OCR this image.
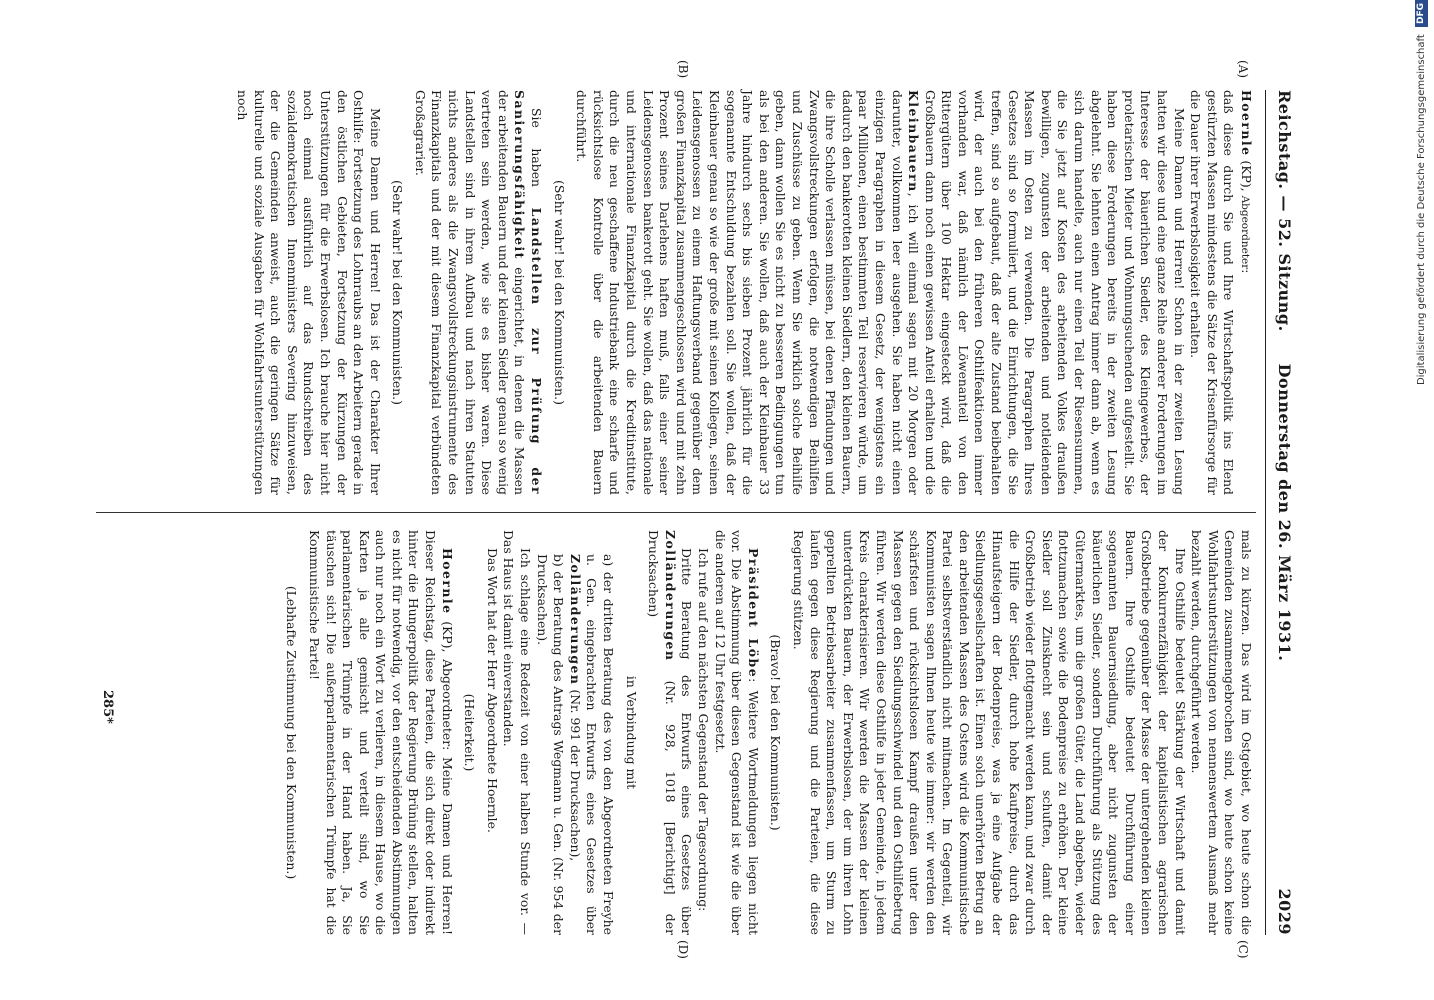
Reichstag. — 52. Sitzung.
Donnerstag den 26. März 1931.
2029
(A)
(B)
(C)
(D)

Hoernle (KP), Abgeordneter:

daß diese durch Sie und Ihre Wirtschaftspolitik ins Elend gestürzten Massen mindestens die Sätze der Krisenfürsorge für die Dauer ihrer Erwerbslosigkeit erhalten.

Meine Damen und Herren! Schon in der zweiten Lesung hatten wir diese und eine ganze Reihe anderer Forderungen im Interesse der bäuerlichen Siedler, des Kleingewerbes, der proletarischen Mieter und Wohnungsuchenden aufgestellt. Sie haben diese Forderungen bereits in der zweiten Lesung abgelehnt. Sie lehnten einen Antrag immer dann ab, wenn es sich darum handelte, auch nur einen Teil der Riesensummen, die Sie jetzt auf Kosten des arbeitenden Volkes draußen bewilligen, zugunsten der arbeitenden und notleidenden Massen im Osten zu verwenden. Die Paragraphen Ihres Gesetzes sind so formuliert, und die Einrichtungen, die Sie treffen, sind so aufgebaut, daß der alte Zustand beibehalten wird, der auch bei den früheren Osthilfeaktionen immer vorhanden war, daß nämlich der Löwenanteil von den Rittergütern über 100 Hektar eingesteckt wird, daß die Großbauern dann noch einen gewissen Anteil erhalten und die Kleinbauern, ich will einmal sagen mit 20 Morgen oder darunter, vollkommen leer ausgehen. Sie haben nicht einen einzigen Paragraphen in diesem Gesetz, der wenigstens ein paar Millionen, einen bestimmten Teil reservieren würde, um dadurch den bankerotten kleinen Siedlern, den kleinen Bauern, die ihre Scholle verlassen müssen, bei denen Pfändungen und Zwangsvollstreckungen erfolgen, die notwendigen Beihilfen und Zuschüsse zu geben. Wenn Sie wirklich solche Beihilfe geben, dann wollen Sie es nicht zu besseren Bedingungen tun als bei den anderen. Sie wollen, daß auch der Kleinbauer 33 Jahre hindurch sechs bis sieben Prozent jährlich für die sogenannte Entschuldung bezahlen soll. Sie wollen, daß der Kleinbauer genau so wie der große mit seinen Kollegen, seinen Leidensgenossen zu einem Haftungsverband gegenüber dem großen Finanzkapital zusammengeschlossen wird und mit zehn Prozent seines Darlehens haften muß, falls einer seiner Leidensgenossen bankerott geht. Sie wollen, daß das nationale und internationale Finanzkapital durch die Kreditinstitute, durch die neu geschaffene Industriebank eine scharfe und rücksichtslose Kontrolle über die arbeitenden Bauern durchführt.

(Sehr wahr! bei den Kommunisten.)

Sie haben Landstellen zur Prüfung der Sanierungsfähigkeit eingerichtet, in denen die Massen der arbeitenden Bauern und der kleinen Siedler genau so wenig vertreten sein werden, wie sie es bisher waren. Diese Landstellen sind in ihrem Aufbau und nach ihren Statuten nichts anderes als die Zwangsvollstreckungsinstrumente des Finanzkapitals und der mit diesem Finanzkapital verbündeten Großagrarier.

(Sehr wahr! bei den Kommunisten.)

Meine Damen und Herren! Das ist der Charakter Ihrer Osthilfe: Fortsetzung des Lohnraubs an den Arbeitern gerade in den östlichen Gebieten, Fortsetzung der Kürzungen der Unterstützungen für die Erwerbslosen. Ich brauche hier nicht noch einmal ausführlich auf das Rundschreiben des sozialdemokratischen Innenministers Severing hinzuweisen, der die Gemeinden anweist, auch die geringen Sätze für kulturelle und soziale Ausgaben für Wohlfahrtsunterstützungen noch

mals zu kürzen. Das wird im Ostgebiet, wo heute schon die Gemeinden zusammengebrochen sind, wo heute schon keine Wohlfahrtsunterstützungen von nennenswertem Ausmaß mehr bezahlt werden, durchgeführt werden.

Ihre Osthilfe bedeutet Stärkung der Wirtschaft und damit der Konkurrenzfähigkeit der kapitalistischen agrarischen Großbetriebe gegenüber der Masse der untergehenden kleinen Bauern. Ihre Osthilfe bedeutet Durchführung einer sogenannten Bauernsiedlung, aber nicht zugunsten der bäuerlichen Siedler, sondern Durchführung als Stützung des Gütermarktes, um die großen Güter, die Land abgeben, wieder flottzumachen sowie die Bodenpreise zu erhöhen. Der kleine Siedler soll Zinsknecht sein und schuften, damit der Großbetrieb wieder flottgemacht werden kann, und zwar durch die Hilfe der Siedler, durch hohe Kaufpreise, durch das Hinaufsteigern der Bodenpreise, was ja eine Aufgabe der Siedlungsgesellschaften ist. Einen solch unerhörten Betrug an den arbeitenden Massen des Ostens wird die Kommunistische Partei selbstverständlich nicht mitmachen. Im Gegenteil, wir Kommunisten sagen Ihnen heute wie immer: wir werden den schärfsten und rücksichtslosen Kampf draußen unter den Massen gegen den Siedlungsschwindel und den Osthilfebetrug führen. Wir werden diese Osthilfe in jeder Gemeinde, in jedem Kreis charakterisieren. Wir werden die Massen der kleinen unterdrückten Bauern, der Erwerbslosen, der um ihren Lohn geprellten Betriebsarbeiter zusammenfassen, um Sturm zu laufen gegen diese Regierung und die Parteien, die diese Regierung stützen.

(Bravo! bei den Kommunisten.)

Präsident Löbe: Weitere Wortmeldungen liegen nicht vor. Die Abstimmung über diesen Gegenstand ist wie die über die anderen auf 12 Uhr festgesetzt.

Ich rufe auf den nächsten Gegenstand der Tagesordnung:

Dritte Beratung des Entwurfs eines Gesetzes über Zolländerungen (Nr. 928, 1018 [Berichtigt] der Drucksachen)

in Verbindung mit

a) der dritten Beratung des von den Abgeordneten Freyhe u. Gen. eingebrachten Entwurfs eines Gesetzes über Zolländerungen (Nr. 991 der Drucksachen),

b) der Beratung des Antrags Wegmann u. Gen. (Nr. 954 der Drucksachen).

Ich schlage eine Redezeit von einer halben Stunde vor. — Das Haus ist damit einverstanden.

Das Wort hat der Herr Abgeordnete Hoernle.

(Heiterkeit.)

Hoernle (KP), Abgeordneter: Meine Damen und Herren! Dieser Reichstag, diese Parteien, die sich direkt oder indirekt hinter die Hungerpolitik der Regierung Brüning stellen, halten es nicht für notwendig, vor den entscheidenden Abstimmungen auch nur noch ein Wort zu verlieren, in diesem Hause, wo die Karten ja alle gemischt und verteilt sind, wo Sie parlamentarischen Trümpfe in der Hand haben. Ja, Sie täuschen sich! Die außerparlamentarischen Trümpfe hat die Kommunistische Partei!

(Lebhafte Zustimmung bei den Kommunisten.)

285*
Digitalisierung gefördert durch die Deutsche Forschungsgemeinschaft DFG
